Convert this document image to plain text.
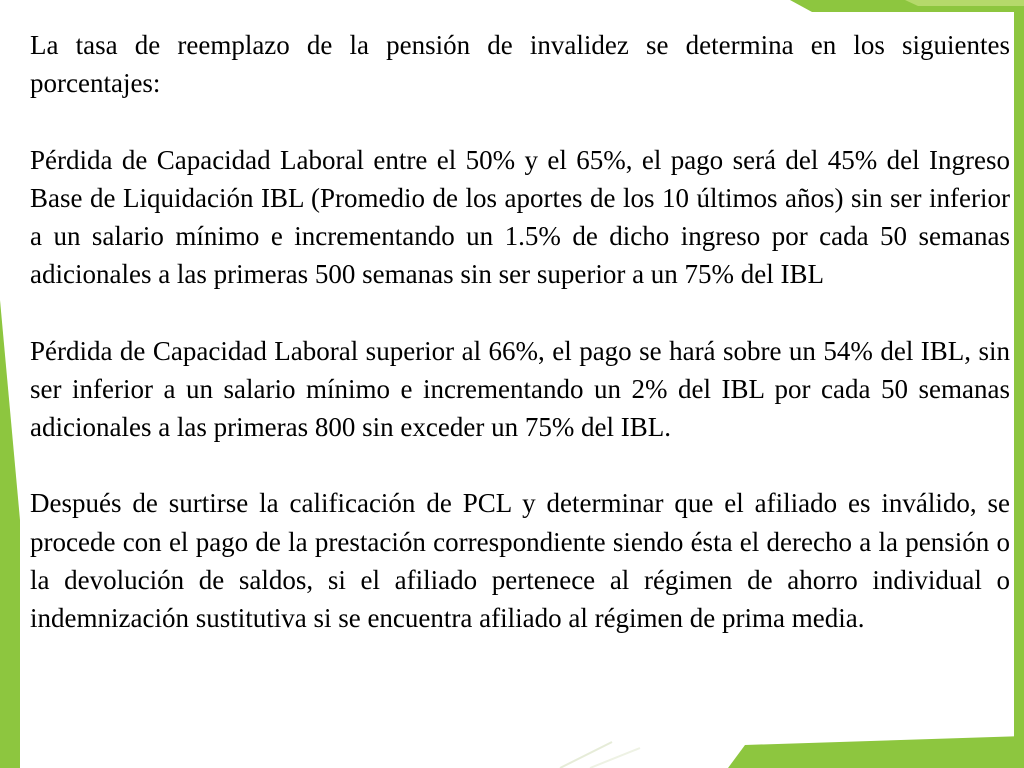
La tasa de reemplazo de la pensión de invalidez se determina en los siguientes porcentajes:

Pérdida de Capacidad Laboral entre el 50% y el 65%, el pago será del 45% del Ingreso Base de Liquidación IBL (Promedio de los aportes de los 10 últimos años) sin ser inferior a un salario mínimo e incrementando un 1.5% de dicho ingreso por cada 50 semanas adicionales a las primeras 500 semanas sin ser superior a un 75% del IBL

Pérdida de Capacidad Laboral superior al 66%, el pago se hará sobre un 54% del IBL, sin ser inferior a un salario mínimo e incrementando un 2% del IBL por cada 50 semanas adicionales a las primeras 800 sin exceder un 75% del IBL.

Después de surtirse la calificación de PCL y determinar que el afiliado es inválido, se procede con el pago de la prestación correspondiente siendo ésta el derecho a la pensión o la devolución de saldos, si el afiliado pertenece al régimen de ahorro individual o indemnización sustitutiva si se encuentra afiliado al régimen de prima media.
